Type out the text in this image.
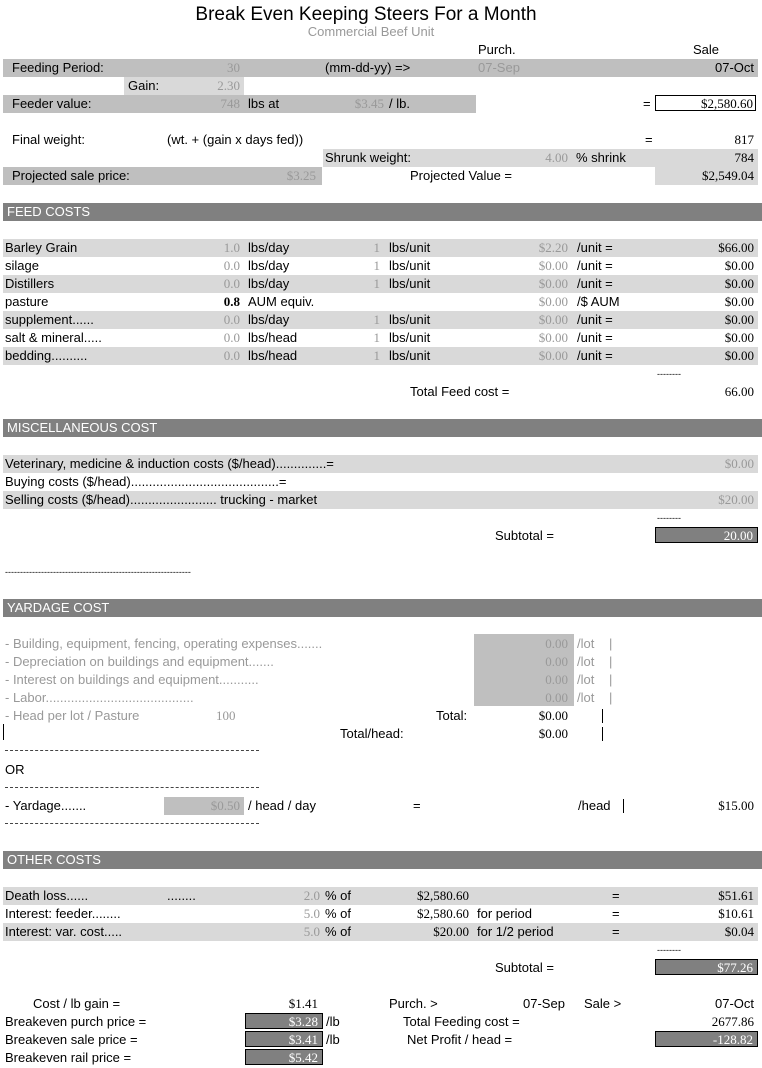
Break Even Keeping Steers For a Month
Commercial Beef Unit
Purch.	Sale
Feeding Period:	30	(mm-dd-yy) =>	07-Sep	07-Oct
Gain:	2.30
Feeder value:	748 lbs at	$3.45 / lb.	=	$2,580.60
Final weight:	(wt. + (gain x days fed))	=	817
Shrunk weight:	4.00 % shrink	784
Projected sale price:	$3.25	Projected Value =	$2,549.04
FEED COSTS
Barley Grain	1.0 lbs/day	1 lbs/unit	$2.20 /unit =	$66.00
silage	0.0 lbs/day	1 lbs/unit	$0.00 /unit =	$0.00
Distillers	0.0 lbs/day	1 lbs/unit	$0.00 /unit =	$0.00
pasture	0.8 AUM equiv.	$0.00 /$ AUM	$0.00
supplement......	0.0 lbs/day	1 lbs/unit	$0.00 /unit =	$0.00
salt & mineral.....	0.0 lbs/head	1 lbs/unit	$0.00 /unit =	$0.00
bedding..........	0.0 lbs/head	1 lbs/unit	$0.00 /unit =	$0.00
--------
Total Feed cost =	66.00
MISCELLANEOUS COST
Veterinary, medicine & induction costs ($/head)..............=	$0.00
Buying costs ($/head).........................................=
Selling costs ($/head)........................ trucking - market	$20.00
--------
Subtotal =	20.00
--------------------------------------------------------------
YARDAGE COST
- Building, equipment, fencing, operating expenses.......	0.00 /lot |
- Depreciation on buildings and equipment.......	0.00 /lot |
- Interest on buildings and equipment...........	0.00 /lot |
- Labor.........................................	0.00 /lot |
- Head per lot / Pasture	100	Total:	$0.00
Total/head:	$0.00
OR
- Yardage.......	$0.50 / head / day	=	/head	$15.00
OTHER COSTS
Death loss......	........	2.0 % of	$2,580.60	=	$51.61
Interest: feeder........	5.0 % of	$2,580.60 for period	=	$10.61
Interest: var. cost.....	5.0 % of	$20.00 for 1/2 period	=	$0.04
--------
Subtotal =	$77.26
Cost / lb gain =	$1.41	Purch. >	07-Sep Sale >	07-Oct
Breakeven purch price =	$3.28 /lb	Total Feeding cost =	2677.86
Breakeven sale price =	$3.41 /lb	Net Profit / head =	-128.82
Breakeven rail price =	$5.42
